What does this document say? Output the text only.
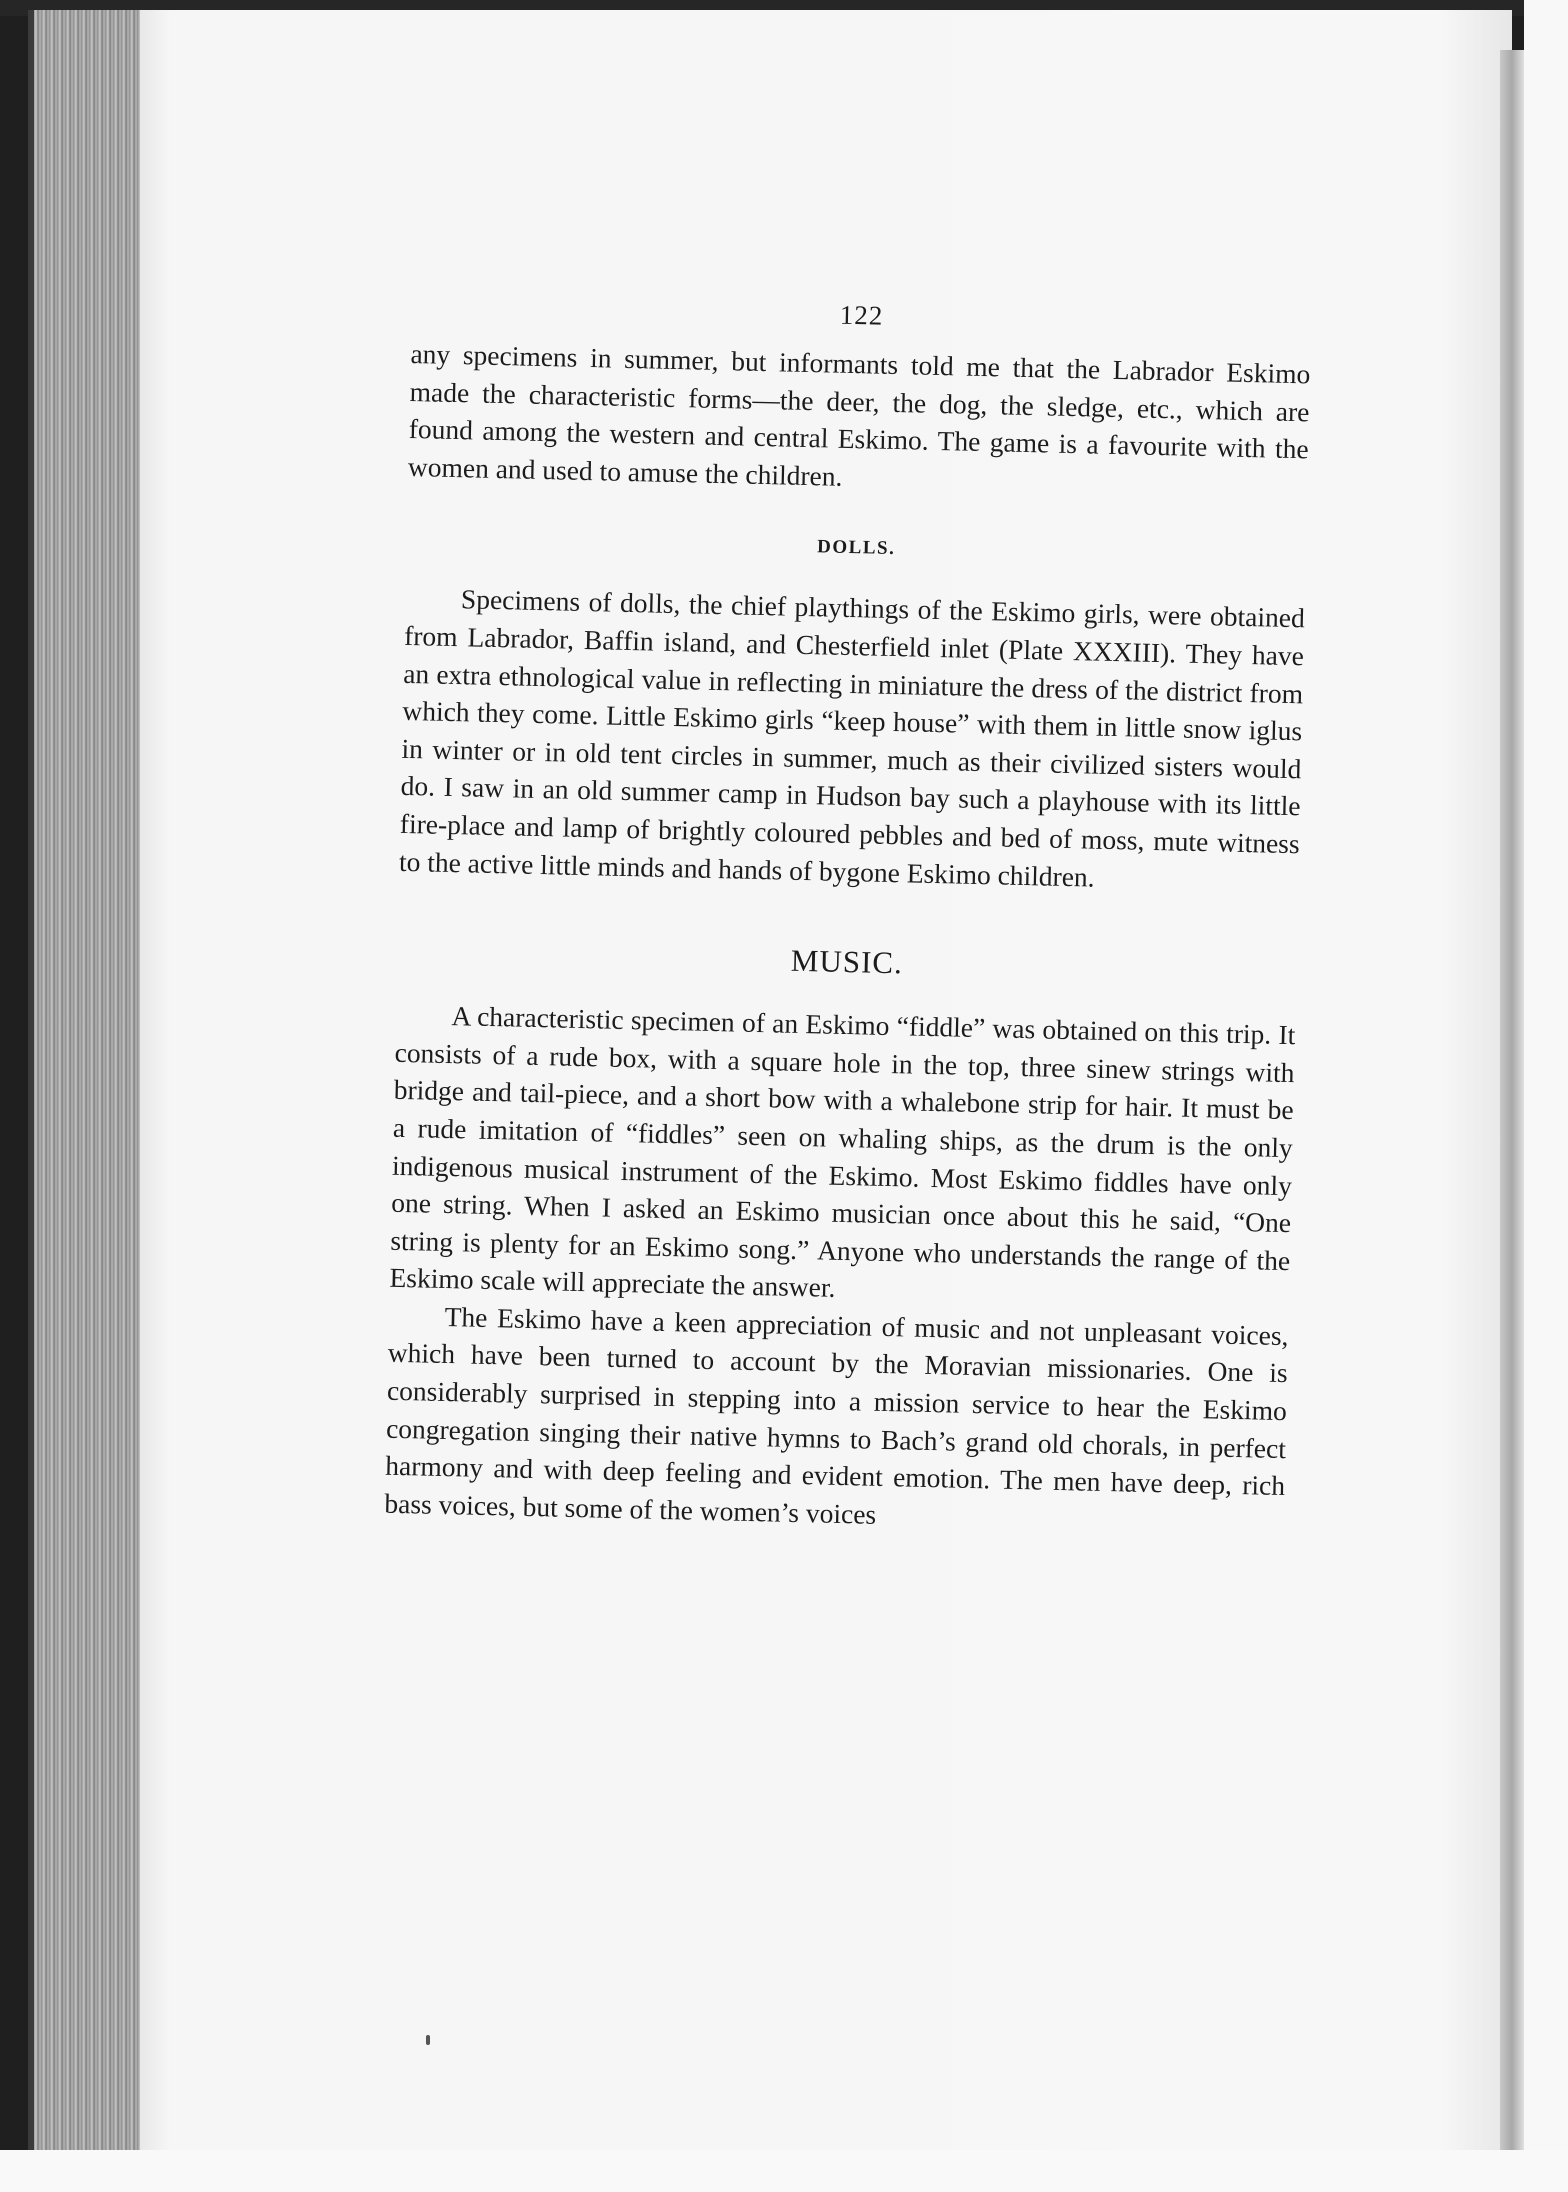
122

any specimens in summer, but informants told me that the Labrador Eskimo made the characteristic forms—the deer, the dog, the sledge, etc., which are found among the western and central Eskimo. The game is a favourite with the women and used to amuse the children.

DOLLS.

Specimens of dolls, the chief playthings of the Eskimo girls, were obtained from Labrador, Baffin island, and Chesterfield inlet (Plate XXXIII). They have an extra ethnological value in reflecting in miniature the dress of the district from which they come. Little Eskimo girls “keep house” with them in little snow iglus in winter or in old tent circles in summer, much as their civilized sisters would do. I saw in an old summer camp in Hudson bay such a playhouse with its little fire-place and lamp of brightly coloured pebbles and bed of moss, mute witness to the active little minds and hands of bygone Eskimo children.

MUSIC.

A characteristic specimen of an Eskimo “fiddle” was obtained on this trip. It consists of a rude box, with a square hole in the top, three sinew strings with bridge and tail-piece, and a short bow with a whalebone strip for hair. It must be a rude imitation of “fiddles” seen on whaling ships, as the drum is the only indigenous musical instrument of the Eskimo. Most Eskimo fiddles have only one string. When I asked an Eskimo musician once about this he said, “One string is plenty for an Eskimo song.” Anyone who understands the range of the Eskimo scale will appreciate the answer.

The Eskimo have a keen appreciation of music and not unpleasant voices, which have been turned to account by the Moravian missionaries. One is considerably surprised in stepping into a mission service to hear the Eskimo congregation singing their native hymns to Bach’s grand old chorals, in perfect harmony and with deep feeling and evident emotion. The men have deep, rich bass voices, but some of the women’s voices
